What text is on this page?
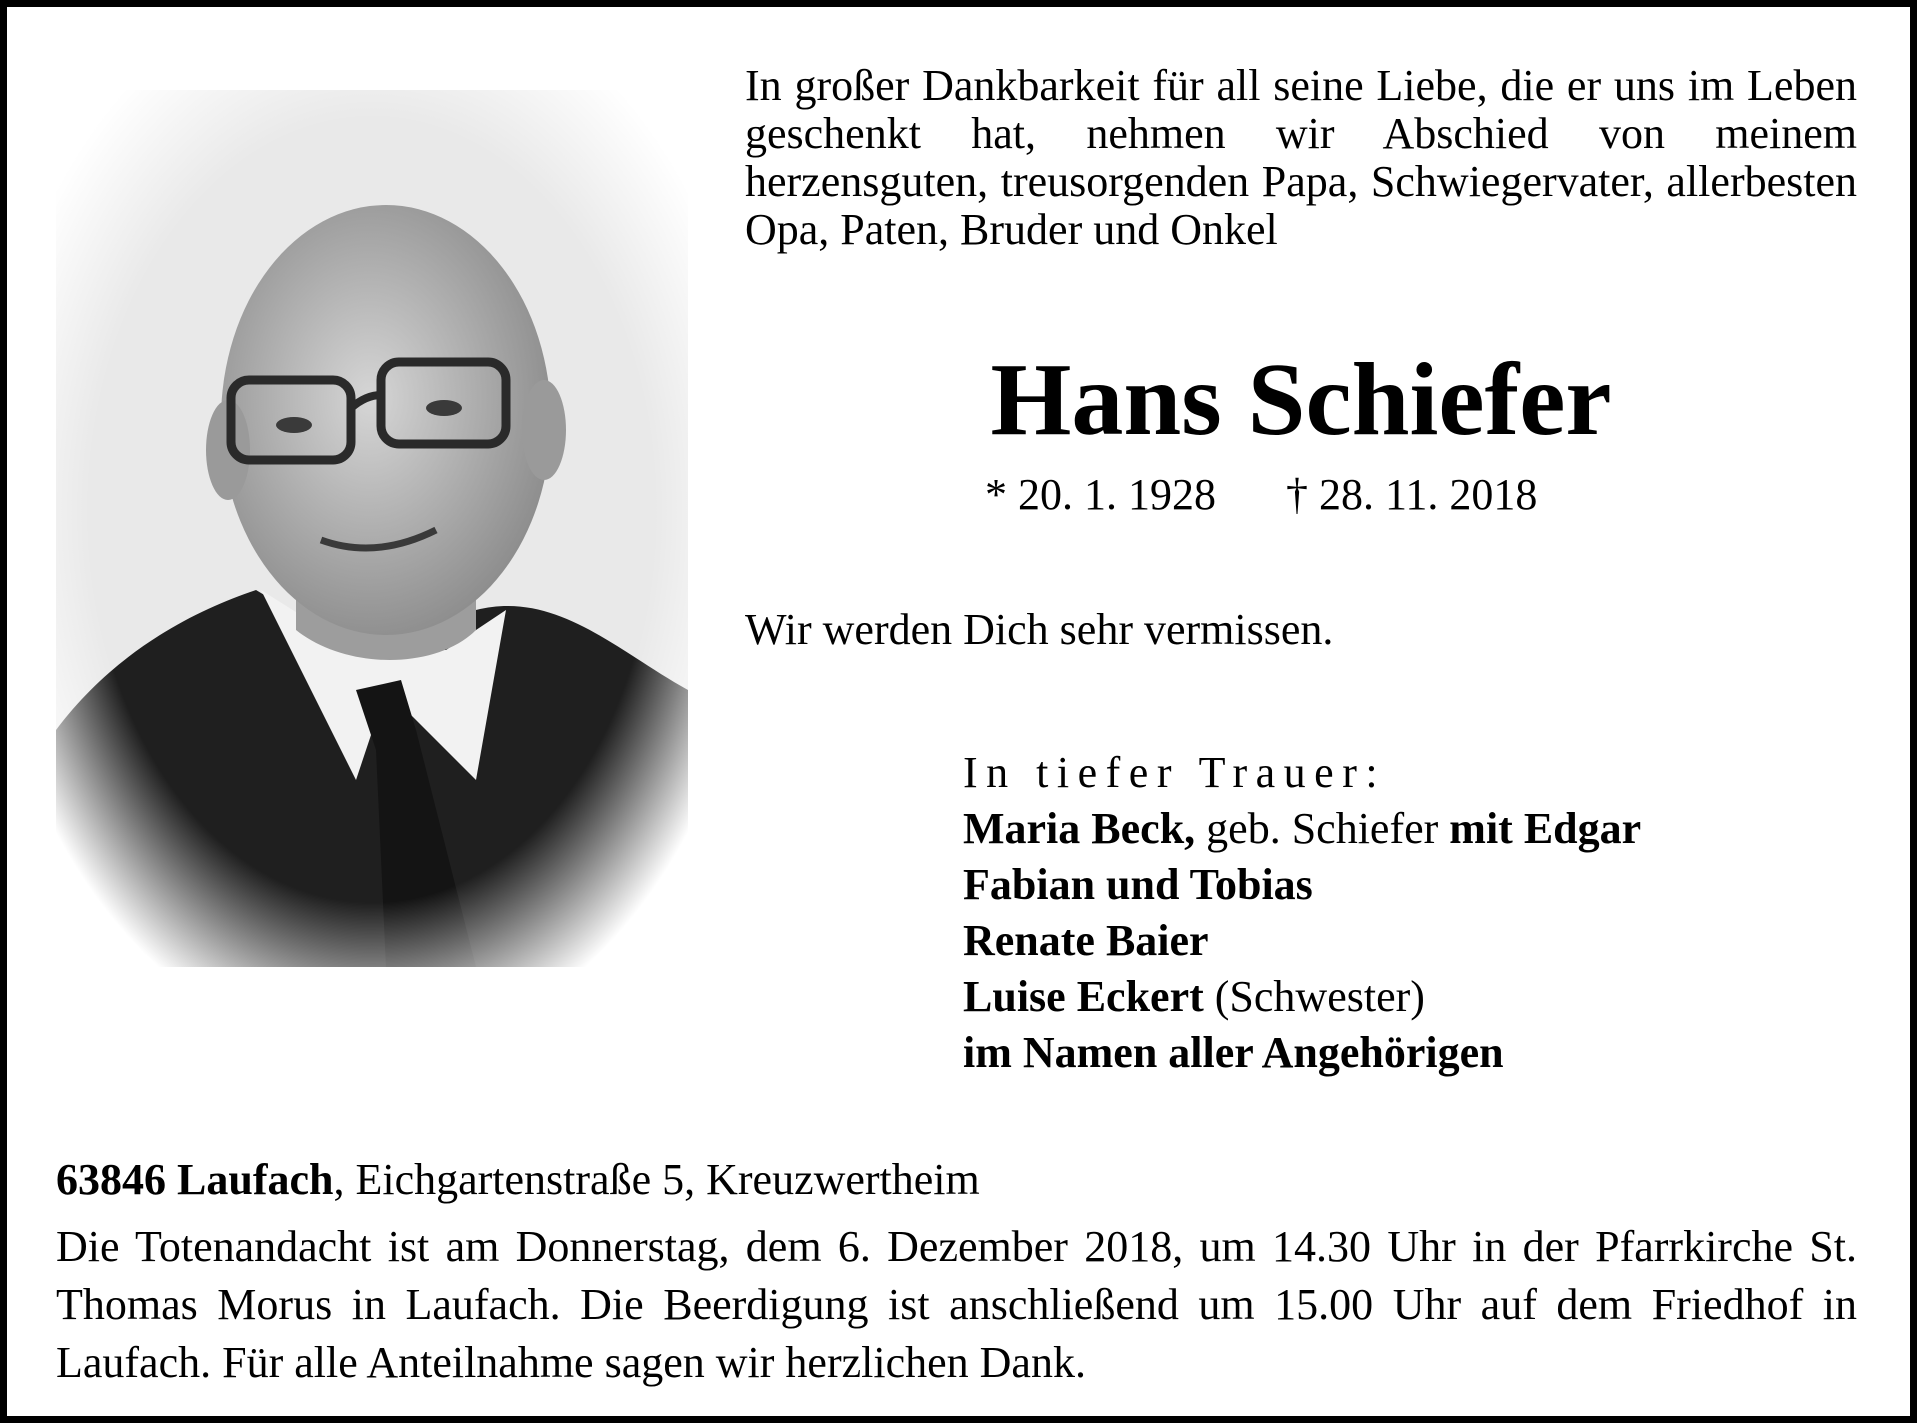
In großer Dankbarkeit für all seine Liebe, die er uns im Leben geschenkt hat, nehmen wir Abschied von meinem herzensguten, treusorgenden Papa, Schwiegervater, allerbesten Opa, Paten, Bruder und Onkel
Hans Schiefer
* 20. 1. 1928 † 28. 11. 2018
Wir werden Dich sehr vermissen.
In tiefer Trauer:
Maria Beck, geb. Schiefer mit Edgar
Fabian und Tobias
Renate Baier
Luise Eckert (Schwester)
im Namen aller Angehörigen
63846 Laufach, Eichgartenstraße 5, Kreuzwertheim
Die Totenandacht ist am Donnerstag, dem 6. Dezember 2018, um 14.30 Uhr in der Pfarrkirche St. Thomas Morus in Laufach. Die Beerdigung ist anschließend um 15.00 Uhr auf dem Friedhof in Laufach. Für alle Anteilnahme sagen wir herzlichen Dank.
